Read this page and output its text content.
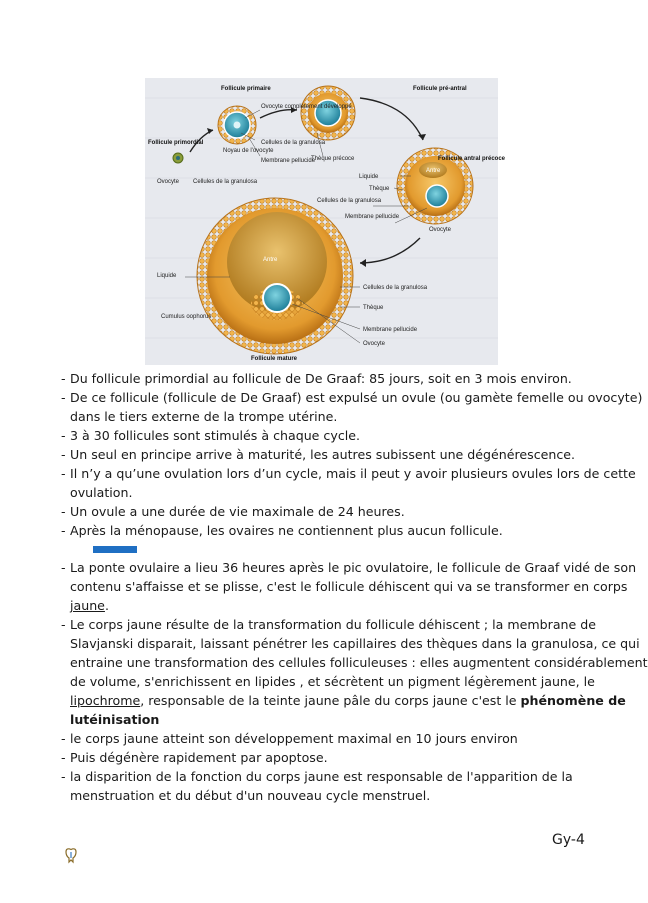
Follicule primaire
Follicule primordial
Ovocyte complètement développé
Noyau de l'ovocyte
Cellules de la granulosa
Membrane pellucide
Thèque précoce
Ovocyte Cellules de la granulosa
Follicule pré-antral
Follicule antral précoce
Liquide
Antre
Thèque
Cellules de la granulosa
Membrane pellucide
Ovocyte
Antre
Liquide
Cellules de la granulosa
Thèque
Cumulus oophorus
Membrane pellucide
Ovocyte
Follicule mature
- Du follicule primordial au follicule de De Graaf: 85 jours, soit en 3 mois environ.
- De ce follicule (follicule de De Graaf) est expulsé un ovule (ou gamète femelle ou ovocyte)
dans le tiers externe de la trompe utérine.
- 3 à 30 follicules sont stimulés à chaque cycle.
- Un seul en principe arrive à maturité, les autres subissent une dégénérescence.
- Il n’y a qu’une ovulation lors d’un cycle, mais il peut y avoir plusieurs ovules lors de cette
ovulation.
- Un ovule a une durée de vie maximale de 24 heures.
- Après la ménopause, les ovaires ne contiennent plus aucun follicule.
- La ponte ovulaire a lieu 36 heures après le pic ovulatoire, le follicule de Graaf vidé de son
contenu s'affaisse et se plisse, c'est le follicule déhiscent qui va se transformer en corps
jaune.
- Le corps jaune résulte de la transformation du follicule déhiscent ; la membrane de
Slavjanski disparait, laissant pénétrer les capillaires des thèques dans la granulosa, ce qui
entraine une transformation des cellules folliculeuses : elles augmentent considérablement
de volume, s'enrichissent en lipides , et sécrètent un pigment légèrement jaune, le
lipochrome, responsable de la teinte jaune pâle du corps jaune c'est le phénomène de
lutéinisation
- le corps jaune atteint son développement maximal en 10 jours environ
- Puis dégénère rapidement par apoptose.
- la disparition de la fonction du corps jaune est responsable de l'apparition de la
menstruation et du début d'un nouveau cycle menstruel.
Gy-4
